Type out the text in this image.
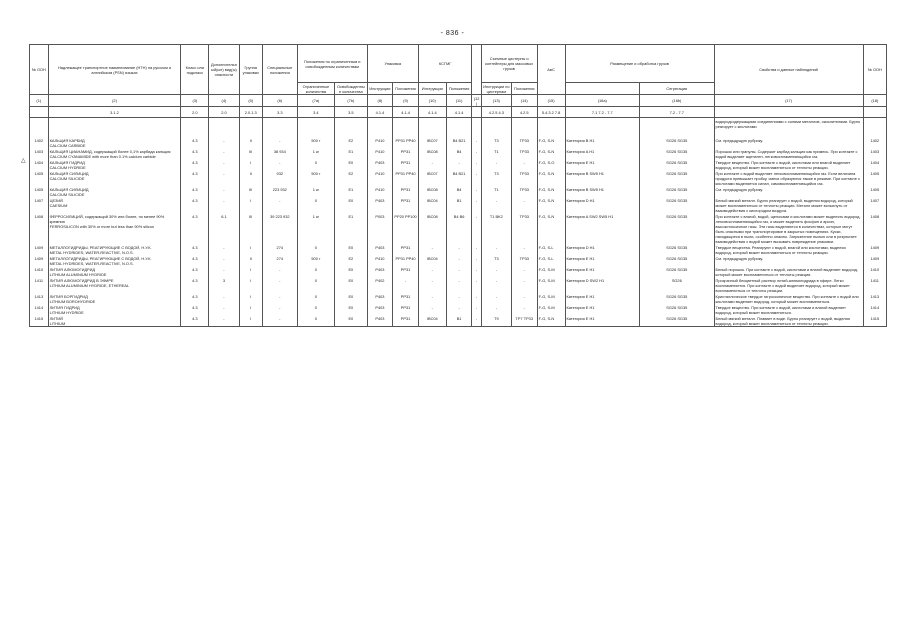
- 836 -
△
№ ООН	Надлежащее транспортное наименование (НТН) на русском и английском (PSN) языках	Класс или подкласс	Дополнительный(ые) вид(ы) опасности	Группа упаковки	Специальные положения	Положения по ограниченным и освобожденным количествам		Упаковка		КСГМГ			Съемные цистерны и контейнеры для массовых грузов		АвС	Размещение и обработка грузов		Свойства и данные наблюдений	№ ООН
						Ограниченные количества	Освобожденные количества	Инструкции	Положения	Инструкции	Положения		Инструкции по цистернам	Положения			Сегрегация		
(1)	(2)	(3)	(4)	(5)	(6)	(7a)	(7b)	(8)	(9)	(10)	(11)	(12)	(13)	(14)	(15)	(16a)	(16b)	(17)	(18)
	3.1.2	2.0	2.0	2.0.1.3	3.3	3.4	3.5	4.1.4	4.1.4	4.1.4	4.1.4		4.2.5 4.3	4.2.5	5.4.3.2 7.8	7.1 7.2 - 7.7	7.2 - 7.7		
																		водородсодержащими соединениями с солями металлов, окислителями. Бурно реагирует с кислотами	
1402	КАЛЬЦИЯ КАРБИД
CALCIUM CARBIDE	4.3	-	II	-	500 г	E2	P410	PP31 PP40	IBC07	B4 B21	-	T3	TP33	F-G, S-N	Категория B H1	SG26 SG35	См. предыдущую рубрику.	1402
1403	КАЛЬЦИЯ ЦИАНАМИД, содержащий более 0,1% карбида кальция
CALCIUM CYANAMIDE with more than 0.1% calcium carbide	4.3	-	III	38 934	1 кг	E1	P410	PP31	IBC08	B4	-	T1	TP33	F-G, S-N	Категория A H1	SG26 SG35	Порошок или гранулы. Содержит карбид кальция как примесь. При контакте с водой выделяет ацетилен, легковоспламеняющийся газ.	1403
1404	КАЛЬЦИЯ ГИДРИД
CALCIUM HYDRIDE	4.3	-	I	-	0	E0	P403	PP31	-	-	-	-	-	F-G, S-O	Категория E H1	SG26 SG35	Твердое вещество. При контакте с водой, кислотами или влагой выделяет водород, который может воспламениться от теплоты реакции.	1404
1405	КАЛЬЦИЯ СИЛИЦИД
CALCIUM SILICIDE	4.3	-	II	932	500 г	E2	P410	PP31 PP40	IBC07	B4 B21	-	T3	TP33	F-G, S-N	Категория B SW5 H1	SG26 SG35	При контакте с водой выделяет легковоспламеняющийся газ. Если величина продукта превышает пробку, смеси образуются также в режиме. При контакте с кислотами выделяется силан, самовоспламеняющийся газ.	1405
1405	КАЛЬЦИЯ СИЛИЦИД
CALCIUM SILICIDE	4.3	-	III	223 932	1 кг	E1	P410	PP31	IBC08	B4	-	T1	TP33	F-G, S-N	Категория B SW5 H1	SG26 SG35	См. предыдущую рубрику.	1405
1407	ЦЕЗИЙ
CAESIUM	4.3	-	I	-	0	E0	P403	PP31	IBC04	B1	-	-	-	F-G, S-N	Категория D H1	SG26 SG35	Белый мягкий металл. Бурно реагирует с водой, выделяя водород, который может воспламениться от теплоты реакции. Металл может вспыхнуть от взаимодействия с кислородом воздуха.	1407
1408	ФЕРРОСИЛИЦИЙ, содержащий 30% или более, но менее 90% кремния
FERROSILICON with 30% or more but less than 90% silicon	4.3	6.1	III	39 223 932	1 кг	E1	P003	PP20 PP100	IBC08	B4 B6	-	T1 BK2	TP33	F-G, S-N	Категория A SW2 SW5 H1	SG26 SG35	При контакте с влагой, водой, щелочами и кислотами может выделять водород, легковоспламеняющийся газ, и может выделять фосфин и арсин, высокотоксичные газы. Эти газы выделяются в количествах, которые могут быть опасными при транспортировке в закрытых помещениях. Куски, находящиеся в пыли, особенно опасны. Загрязнение пылью или в результате взаимодействия с водой может вызывать повреждение упаковки.	1408
1409	МЕТАЛЛОГИДРИДЫ, РЕАГИРУЮЩИЕ С ВОДОЙ, Н.У.К.
METAL HYDRIDES, WATER-REACTIVE, N.O.S.	4.3	-	I	274	0	E0	P403	PP31	-	-	-	-	-	F-G, S-L	Категория D H1	SG26 SG35	Твердые вещества. Реагируют с водой, влагой или кислотами, выделяя водород, который может воспламениться от теплоты реакции.	1409
1409	МЕТАЛЛОГИДРИДЫ, РЕАГИРУЮЩИЕ С ВОДОЙ, Н.У.К.
METAL HYDRIDES, WATER-REACTIVE, N.O.S.	4.3	-	II	274	500 г	E2	P410	PP31 PP40	IBC04	-	-	T3	TP33	F-G, S-L	Категория E H1	SG26 SG35	См. предыдущую рубрику.	1409
1410	ЛИТИЯ АЛЮМОГИДРИД
LITHIUM ALUMINIUM HYDRIDE	4.3	-	I	-	0	E0	P403	PP31	-	-	-	-	-	F-G, S-M	Категория E H1	SG26 SG35	Белый порошок. При контакте с водой, кислотами и влагой выделяет водород, который может воспламениться от теплоты реакции.	1410
1411	ЛИТИЯ АЛЮМОГИДРИД В ЭФИРЕ
LITHIUM ALUMINIUM HYDRIDE, ETHEREAL	4.3	3	I	-	0	E0	P402	-	-	-	-	-	-	F-G, S-M	Категория D SW2 H1	SG26	Прозрачный бесцветный раствор литий-алюмогидрида в эфире. Легко воспламеняется. При контакте с водой выделяет водород, который может воспламениться от теплоты реакции.	1411
1413	ЛИТИЯ БОРГИДРИД
LITHIUM BOROHYDRIDE	4.3	-	I	-	0	E0	P403	PP31	-	-	-	-	-	F-G, S-M	Категория E H1	SG26 SG35	Кристаллическое твердое гигроскопичное вещество. При контакте с водой или кислотами выделяет водород, который может воспламениться.	1413
1414	ЛИТИЯ ГИДРИД
LITHIUM HYDRIDE	4.3	-	I	-	0	E0	P403	PP31	-	-	-	-	-	F-G, S-M	Категория E H1	SG26 SG35	Твердое вещество. При контакте с водой, кислотами и влагой выделяет водород, который может воспламениться.	1414
1415	ЛИТИЙ
LITHIUM	4.3	-	I	-	0	E0	P403	PP31	IBC04	B1	-	T9	TP7 TP33	F-G, S-N	Категория E H1	SG26 SG35	Белый мягкий металл. Плавает в воде. Бурно реагирует с водой, выделяя водород, который может воспламениться от теплоты реакции.	1415
